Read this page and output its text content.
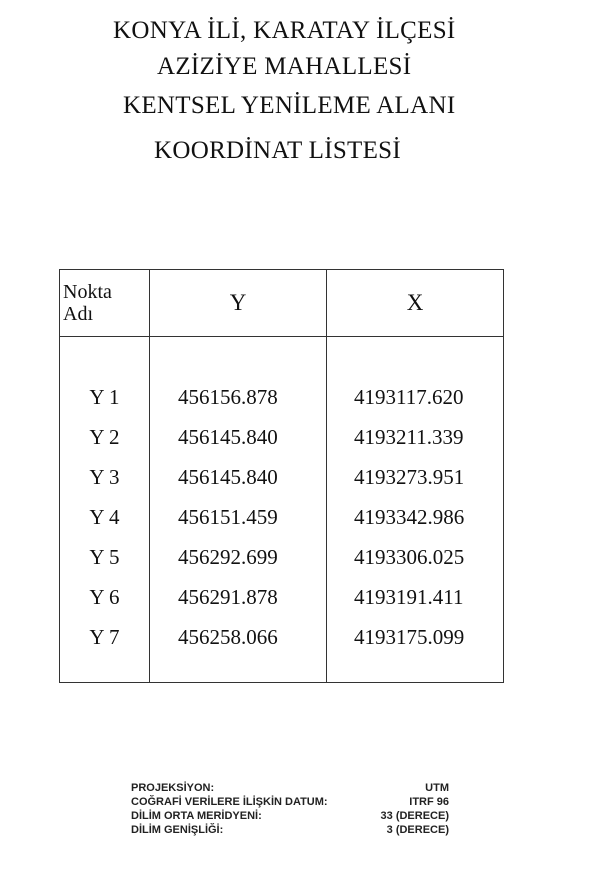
KONYA İLİ, KARATAY İLÇESİ
AZİZİYE MAHALLESİ
KENTSEL YENİLEME ALANI
KOORDİNAT LİSTESİ
Nokta
Adı	Y	X

Y 1	456156.878	4193117.620
Y 2	456145.840	4193211.339
Y 3	456145.840	4193273.951
Y 4	456151.459	4193342.986
Y 5	456292.699	4193306.025
Y 6	456291.878	4193191.411
Y 7	456258.066	4193175.099

PROJEKSİYON:	UTM
COĞRAFİ VERİLERE İLİŞKİN DATUM:	ITRF 96
DİLİM ORTA MERİDYENİ:	33 (DERECE)
DİLİM GENİŞLİĞİ:	3 (DERECE)
